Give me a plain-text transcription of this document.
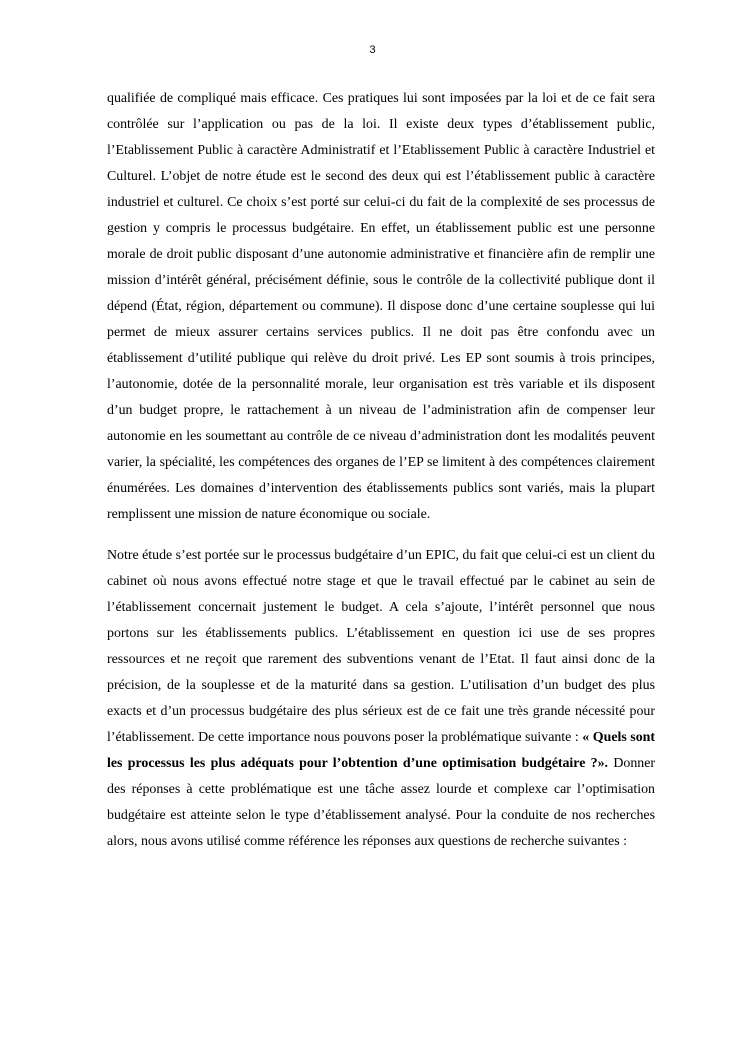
3

qualifiée de compliqué mais efficace. Ces pratiques lui sont imposées par la loi et de ce fait sera contrôlée sur l’application ou pas de la loi. Il existe deux types d’établissement public, l’Etablissement Public à caractère Administratif et l’Etablissement Public à caractère Industriel et Culturel. L’objet de notre étude est le second des deux qui est l’établissement public à caractère industriel et culturel. Ce choix s’est porté sur celui-ci du fait de la complexité de ses processus de gestion y compris le processus budgétaire. En effet, un établissement public est une personne morale de droit public disposant d’une autonomie administrative et financière afin de remplir une mission d’intérêt général, précisément définie, sous le contrôle de la collectivité publique dont il dépend (État, région, département ou commune). Il dispose donc d’une certaine souplesse qui lui permet de mieux assurer certains services publics. Il ne doit pas être confondu avec un établissement d’utilité publique qui relève du droit privé. Les EP sont soumis à trois principes, l’autonomie, dotée de la personnalité morale, leur organisation est très variable et ils disposent d’un budget propre, le rattachement à un niveau de l’administration afin de compenser leur autonomie en les soumettant au contrôle de ce niveau d’administration dont les modalités peuvent varier, la spécialité, les compétences des organes de l’EP se limitent à des compétences clairement énumérées. Les domaines d’intervention des établissements publics sont variés, mais la plupart remplissent une mission de nature économique ou sociale.

Notre étude s’est portée sur le processus budgétaire d’un EPIC, du fait que celui-ci est un client du cabinet où nous avons effectué notre stage et que le travail effectué par le cabinet au sein de l’établissement concernait justement le budget. A cela s’ajoute, l’intérêt personnel que nous portons sur les établissements publics. L’établissement en question ici use de ses propres ressources et ne reçoit que rarement des subventions venant de l’Etat. Il faut ainsi donc de la précision, de la souplesse et de la maturité dans sa gestion. L’utilisation d’un budget des plus exacts et d’un processus budgétaire des plus sérieux est de ce fait une très grande nécessité pour l’établissement. De cette importance nous pouvons poser la problématique suivante : « Quels sont les processus les plus adéquats pour l’obtention d’une optimisation budgétaire ?». Donner des réponses à cette problématique est une tâche assez lourde et complexe car l’optimisation budgétaire est atteinte selon le type d’établissement analysé. Pour la conduite de nos recherches alors, nous avons utilisé comme référence les réponses aux questions de recherche suivantes :
